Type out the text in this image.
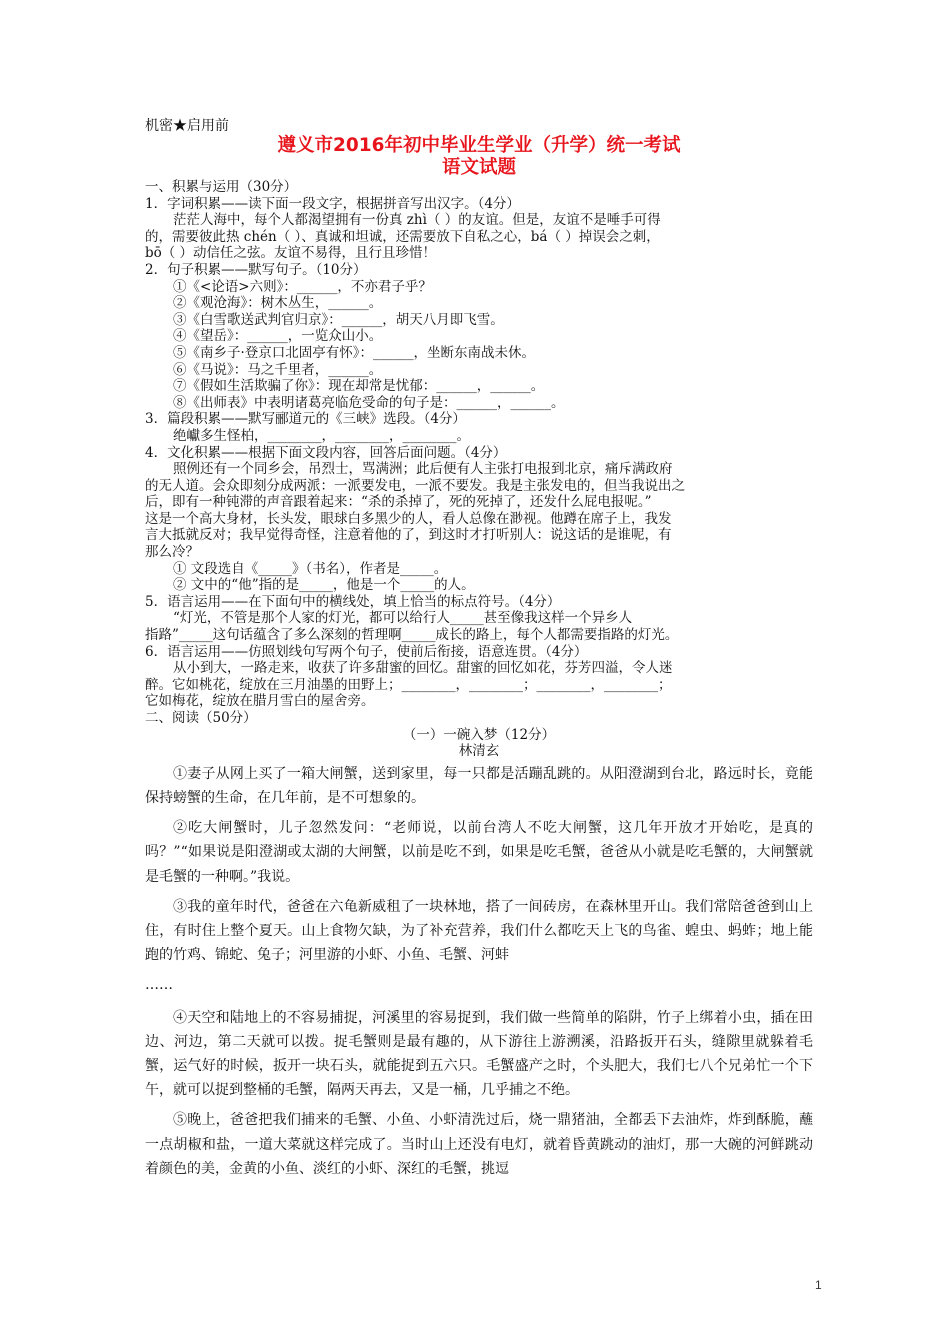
机密★启用前
遵义市2016年初中毕业生学业（升学）统一考试
语文试题
一、积累与运用（30分）
1．字词积累——读下面一段文字，根据拼音写出汉字。（4分）
茫茫人海中，每个人都渴望拥有一份真 zhì（ ）的友谊。但是，友谊不是唾手可得
的，需要彼此热 chén（ ）、真诚和坦诚，还需要放下自私之心，bá（ ）掉误会之刺，
bō（ ）动信任之弦。友谊不易得，且行且珍惜！
2．句子积累——默写句子。（10分）
①《<论语>六则》：______，不亦君子乎？
②《观沧海》：树木丛生，______。
③《白雪歌送武判官归京》：______，胡天八月即飞雪。
④《望岳》：______，一览众山小。
⑤《南乡子·登京口北固亭有怀》：______，坐断东南战未休。
⑥《马说》：马之千里者，______。
⑦《假如生活欺骗了你》：现在却常是忧郁：______，______。
⑧《出师表》中表明诸葛亮临危受命的句子是：______，______。
3．篇段积累——默写郦道元的《三峡》选段。（4分）
绝巘多生怪柏，________，________，________。
4．文化积累——根据下面文段内容，回答后面问题。（4分）
照例还有一个同乡会，吊烈士，骂满洲；此后便有人主张打电报到北京，痛斥满政府
的无人道。会众即刻分成两派：一派要发电，一派不要发。我是主张发电的，但当我说出之
后，即有一种钝滞的声音跟着起来：“杀的杀掉了，死的死掉了，还发什么屁电报呢。”
这是一个高大身材，长头发，眼球白多黑少的人，看人总像在渺视。他蹲在席子上，我发
言大抵就反对；我早觉得奇怪，注意着他的了，到这时才打听别人：说这话的是谁呢，有
那么冷？
① 文段选自《_____》（书名），作者是_____。
② 文中的“他”指的是_____，他是一个_____的人。
5．语言运用——在下面句中的横线处，填上恰当的标点符号。（4分）
“灯光，不管是那个人家的灯光，都可以给行人_____甚至像我这样一个异乡人
指路”_____这句话蕴含了多么深刻的哲理啊_____成长的路上，每个人都需要指路的灯光。
6．语言运用——仿照划线句写两个句子，使前后衔接，语意连贯。（4分）
从小到大，一路走来，收获了许多甜蜜的回忆。甜蜜的回忆如花，芬芳四溢，令人迷
醉。它如桃花，绽放在三月油墨的田野上；________，________；________，________；
它如梅花，绽放在腊月雪白的屋舍旁。
二、阅读（50分）
（一）一碗入梦（12分）
林清玄

①妻子从网上买了一箱大闸蟹，送到家里，每一只都是活蹦乱跳的。从阳澄湖到台北，路远时长，竟能保持螃蟹的生命，在几年前，是不可想象的。

②吃大闸蟹时，儿子忽然发问：“老师说，以前台湾人不吃大闸蟹，这几年开放才开始吃，是真的吗？”“如果说是阳澄湖或太湖的大闸蟹，以前是吃不到，如果是吃毛蟹，爸爸从小就是吃毛蟹的，大闸蟹就是毛蟹的一种啊。”我说。

③我的童年时代，爸爸在六龟新威租了一块林地，搭了一间砖房，在森林里开山。我们常陪爸爸到山上住，有时住上整个夏天。山上食物欠缺，为了补充营养，我们什么都吃天上飞的鸟雀、蝗虫、蚂蚱；地上能跑的竹鸡、锦蛇、兔子；河里游的小虾、小鱼、毛蟹、河蚌

……

④天空和陆地上的不容易捕捉，河溪里的容易捉到，我们做一些简单的陷阱，竹子上绑着小虫，插在田边、河边，第二天就可以拨。捉毛蟹则是最有趣的，从下游往上游溯溪，沿路扳开石头，缝隙里就躲着毛蟹，运气好的时候，扳开一块石头，就能捉到五六只。毛蟹盛产之时，个头肥大，我们七八个兄弟忙一个下午，就可以捉到整桶的毛蟹，隔两天再去，又是一桶，几乎捕之不绝。

⑤晚上，爸爸把我们捕来的毛蟹、小鱼、小虾清洗过后，烧一鼎猪油，全都丢下去油炸，炸到酥脆，蘸一点胡椒和盐，一道大菜就这样完成了。当时山上还没有电灯，就着昏黄跳动的油灯，那一大碗的河鲜跳动着颜色的美，金黄的小鱼、淡红的小虾、深红的毛蟹，挑逗

1
